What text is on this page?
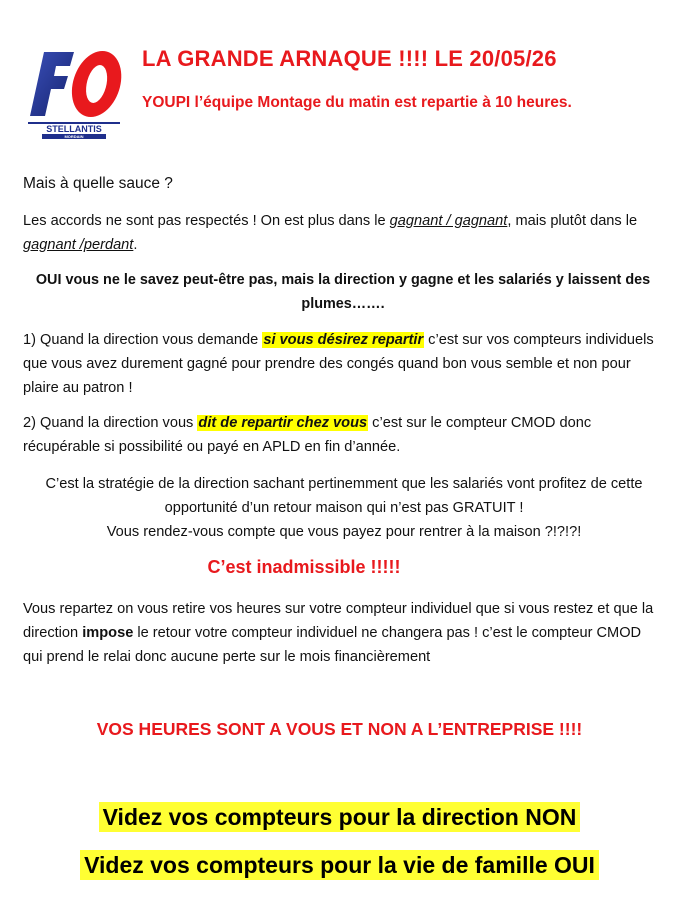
STELLANTIS
MORDAIN
FO
LA GRANDE ARNAQUE !!!! LE 20/05/26
YOUPI l’équipe Montage du matin est repartie à 10 heures.
Mais à quelle sauce ?
Les accords ne sont pas respectés ! On est plus dans le gagnant / gagnant, mais plutôt dans le gagnant /perdant.
OUI vous ne le savez peut-être pas, mais la direction y gagne et les salariés y laissent des plumes…….
1) Quand la direction vous demande si vous désirez repartir c’est sur vos compteurs individuels que vous avez durement gagné pour prendre des congés quand bon vous semble et non pour plaire au patron !
2) Quand la direction vous dit de repartir chez vous c’est sur le compteur CMOD donc récupérable si possibilité ou payé en APLD en fin d’année.
C’est la stratégie de la direction sachant pertinemment que les salariés vont profitez de cette opportunité d’un retour maison qui n’est pas GRATUIT !
Vous rendez-vous compte que vous payez pour rentrer à la maison ?!?!?!
C’est inadmissible !!!!!
Vous repartez on vous retire vos heures sur votre compteur individuel que si vous restez et que la direction impose le retour votre compteur individuel ne changera pas ! c’est le compteur CMOD qui prend le relai donc aucune perte sur le mois financièrement
VOS HEURES SONT A VOUS ET NON A L’ENTREPRISE !!!!
Videz vos compteurs pour la direction NON
Videz vos compteurs pour la vie de famille OUI
